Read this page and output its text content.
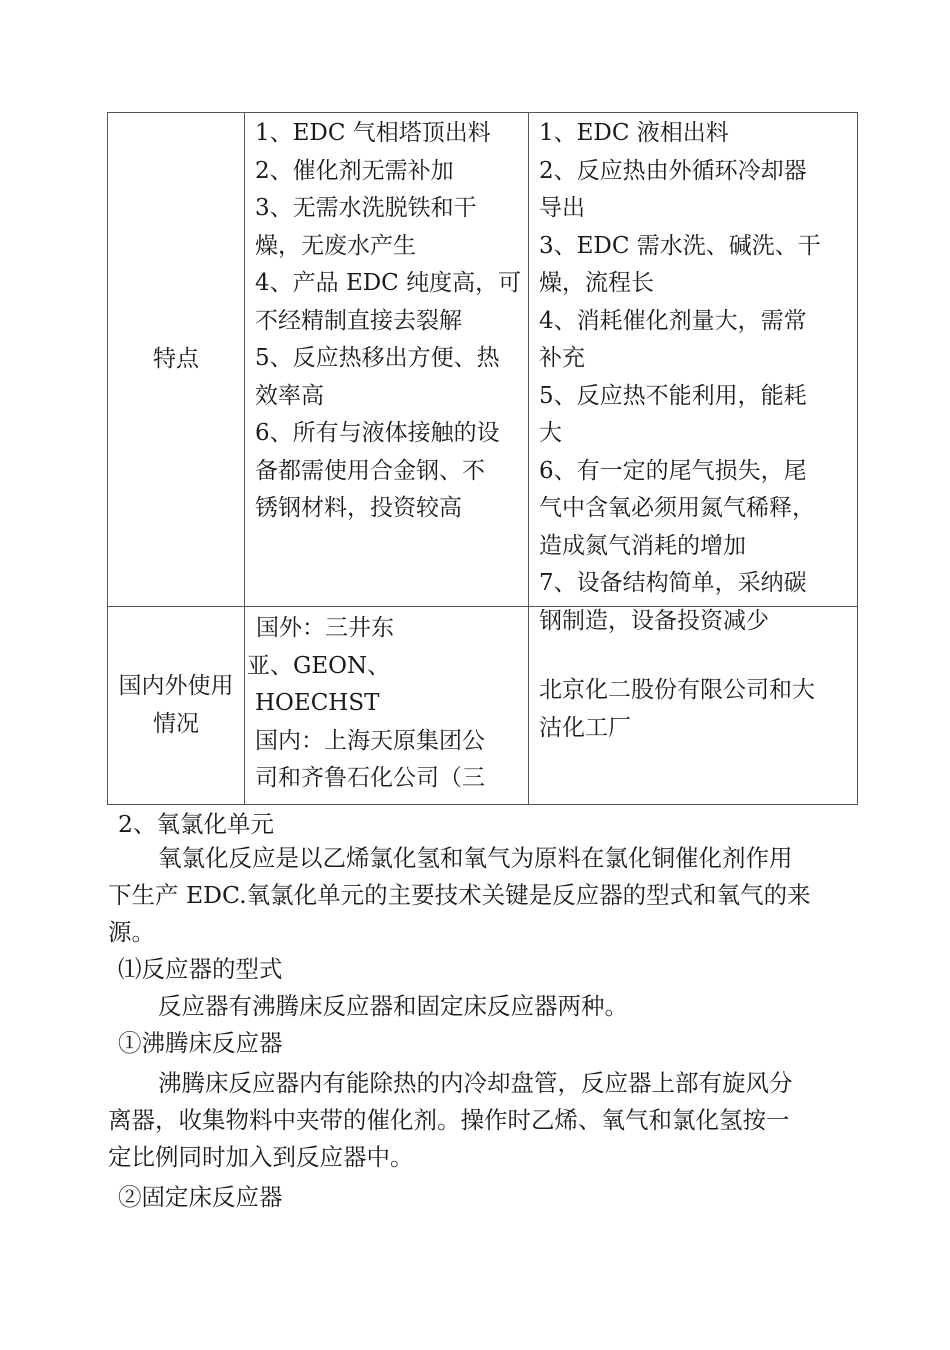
特点
1、EDC 气相塔顶出料
2、催化剂无需补加
3、无需水洗脱铁和干
燥，无废水产生
4、产品 EDC 纯度高，可
不经精制直接去裂解
5、反应热移出方便、热
效率高
6、所有与液体接触的设
备都需使用合金钢、不
锈钢材料，投资较高
1、EDC 液相出料
2、反应热由外循环冷却器
导出
3、EDC 需水洗、碱洗、干
燥，流程长
4、消耗催化剂量大，需常
补充
5、反应热不能利用，能耗
大
6、有一定的尾气损失，尾
气中含氧必须用氮气稀释，
造成氮气消耗的增加
7、设备结构简单，采纳碳
钢制造，设备投资减少
国内外使用
情况
国外：三井东
亚、GEON、
HOECHST
国内：上海天原集团公
司和齐鲁石化公司（三
北京化二股份有限公司和大
沽化工厂
2、氧氯化单元
氧氯化反应是以乙烯氯化氢和氧气为原料在氯化铜催化剂作用
下生产 EDC.氧氯化单元的主要技术关键是反应器的型式和氧气的来
源。
⑴反应器的型式
反应器有沸腾床反应器和固定床反应器两种。
①沸腾床反应器
沸腾床反应器内有能除热的内冷却盘管，反应器上部有旋风分
离器，收集物料中夹带的催化剂。操作时乙烯、氧气和氯化氢按一
定比例同时加入到反应器中。
②固定床反应器
